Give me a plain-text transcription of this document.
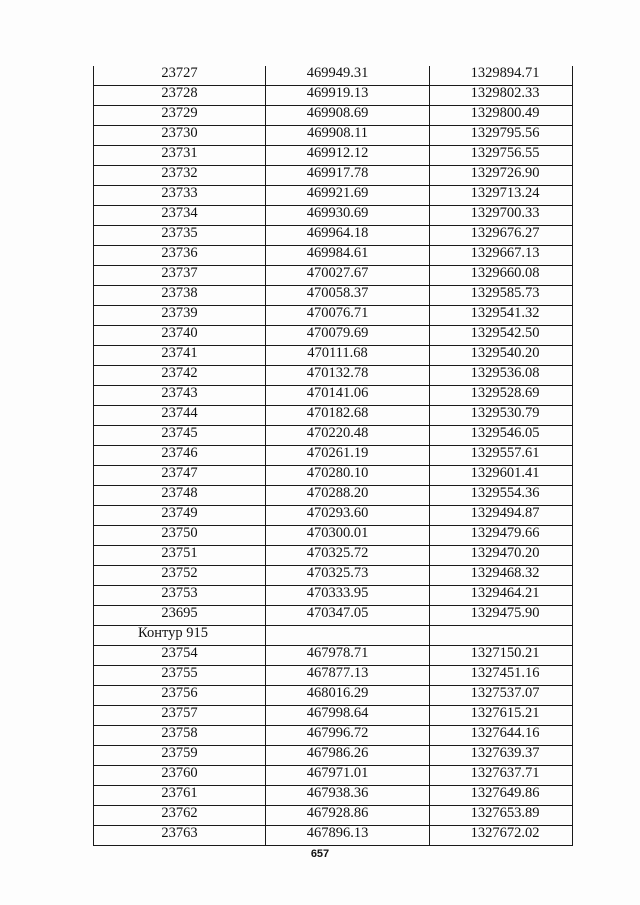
23727	469949.31	1329894.71
23728	469919.13	1329802.33
23729	469908.69	1329800.49
23730	469908.11	1329795.56
23731	469912.12	1329756.55
23732	469917.78	1329726.90
23733	469921.69	1329713.24
23734	469930.69	1329700.33
23735	469964.18	1329676.27
23736	469984.61	1329667.13
23737	470027.67	1329660.08
23738	470058.37	1329585.73
23739	470076.71	1329541.32
23740	470079.69	1329542.50
23741	470111.68	1329540.20
23742	470132.78	1329536.08
23743	470141.06	1329528.69
23744	470182.68	1329530.79
23745	470220.48	1329546.05
23746	470261.19	1329557.61
23747	470280.10	1329601.41
23748	470288.20	1329554.36
23749	470293.60	1329494.87
23750	470300.01	1329479.66
23751	470325.72	1329470.20
23752	470325.73	1329468.32
23753	470333.95	1329464.21
23695	470347.05	1329475.90
Контур 915		
23754	467978.71	1327150.21
23755	467877.13	1327451.16
23756	468016.29	1327537.07
23757	467998.64	1327615.21
23758	467996.72	1327644.16
23759	467986.26	1327639.37
23760	467971.01	1327637.71
23761	467938.36	1327649.86
23762	467928.86	1327653.89
23763	467896.13	1327672.02
657
